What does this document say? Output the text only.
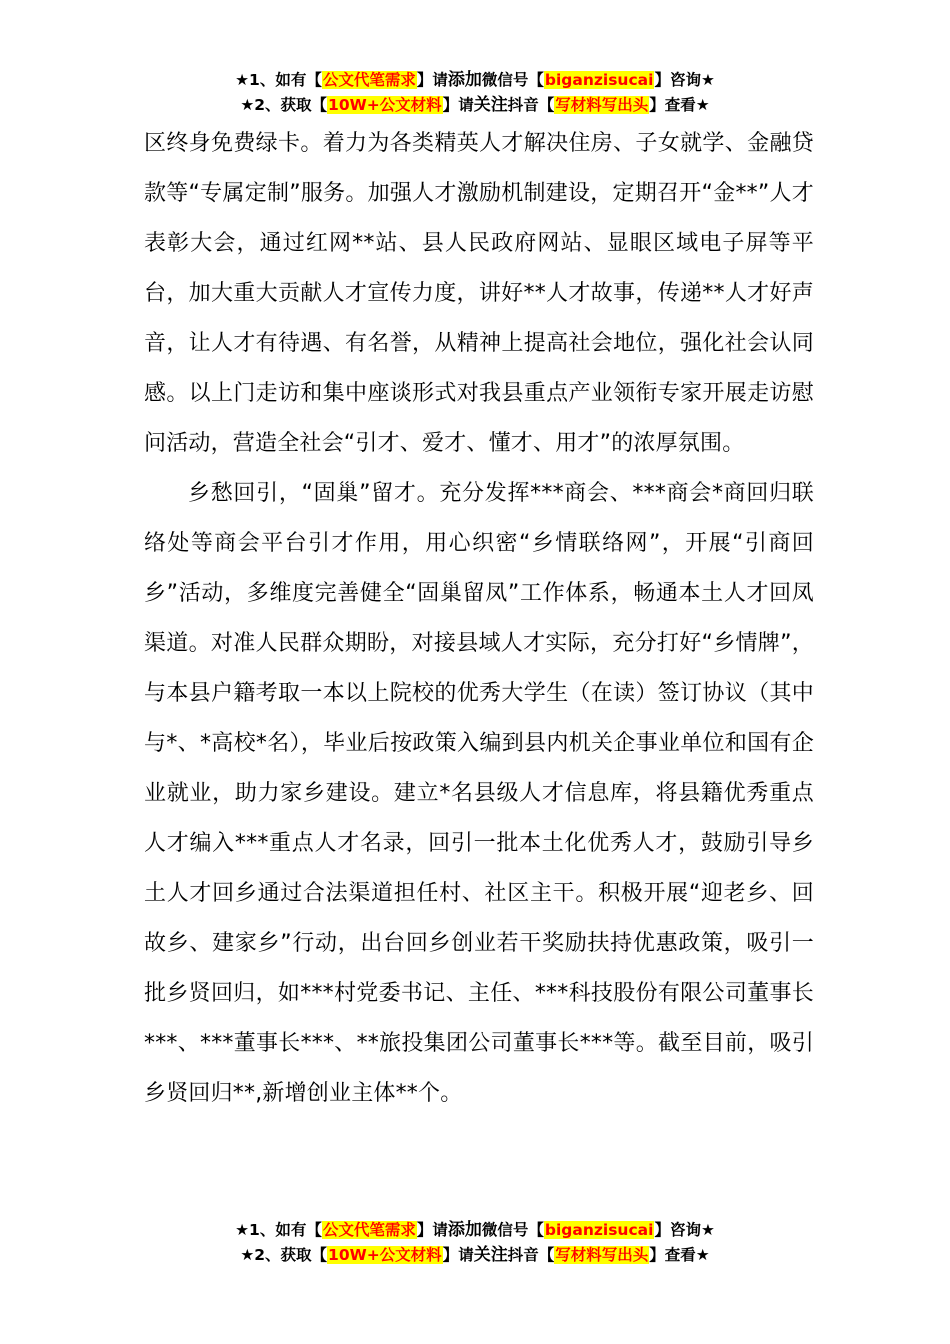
★1、如有【公文代笔需求】请添加微信号【biganzisucai】咨询★
★2、获取【10W+公文材料】请关注抖音【写材料写出头】查看★

区终身免费绿卡。着力为各类精英人才解决住房、子女就学、金融贷款等“专属定制”服务。加强人才激励机制建设，定期召开“金**”人才表彰大会，通过红网**站、县人民政府网站、显眼区域电子屏等平台，加大重大贡献人才宣传力度，讲好**人才故事，传递**人才好声音，让人才有待遇、有名誉，从精神上提高社会地位，强化社会认同感。以上门走访和集中座谈形式对我县重点产业领衔专家开展走访慰问活动，营造全社会“引才、爱才、懂才、用才”的浓厚氛围。

乡愁回引，“固巢”留才。充分发挥***商会、***商会*商回归联络处等商会平台引才作用，用心织密“乡情联络网”，开展“引商回乡”活动，多维度完善健全“固巢留凤”工作体系，畅通本土人才回凤渠道。对准人民群众期盼，对接县域人才实际，充分打好“乡情牌”，与本县户籍考取一本以上院校的优秀大学生（在读）签订协议（其中与*、*高校*名），毕业后按政策入编到县内机关企事业单位和国有企业就业，助力家乡建设。建立*名县级人才信息库，将县籍优秀重点人才编入***重点人才名录，回引一批本土化优秀人才，鼓励引导乡土人才回乡通过合法渠道担任村、社区主干。积极开展“迎老乡、回故乡、建家乡”行动，出台回乡创业若干奖励扶持优惠政策，吸引一批乡贤回归，如***村党委书记、主任、***科技股份有限公司董事长***、***董事长***、**旅投集团公司董事长***等。截至目前，吸引乡贤回归**,新增创业主体**个。

★1、如有【公文代笔需求】请添加微信号【biganzisucai】咨询★
★2、获取【10W+公文材料】请关注抖音【写材料写出头】查看★
